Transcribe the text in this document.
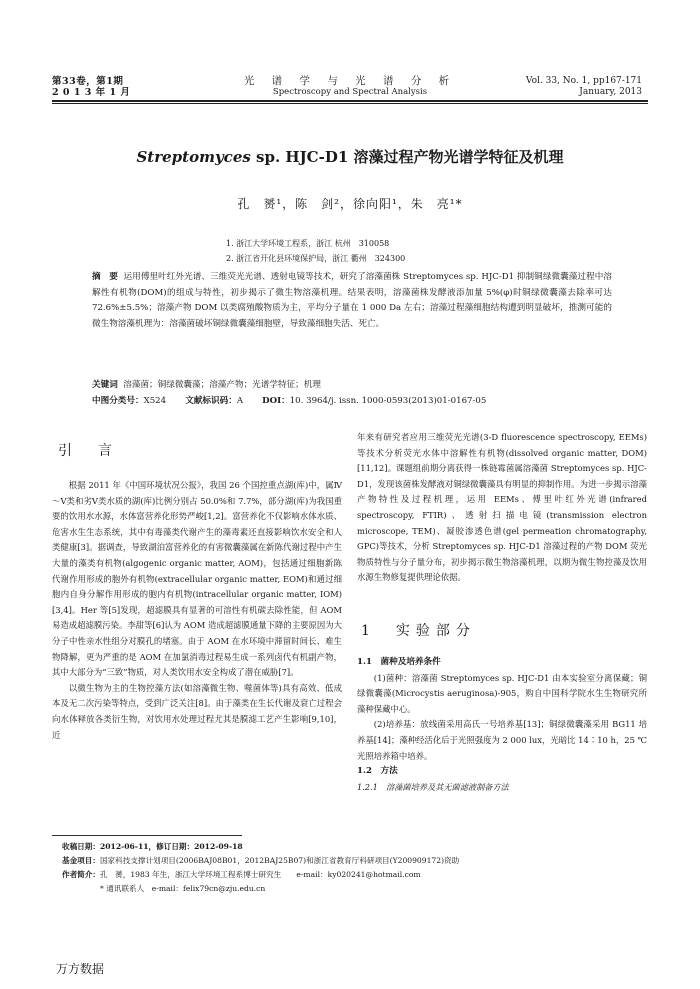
第33卷，第1期
2 0 1 3 年 1 月
光 谱 学 与 光 谱 分 析
Spectroscopy and Spectral Analysis
Vol. 33, No. 1, pp167-171
January, 2013
Streptomyces sp. HJC-D1 溶藻过程产物光谱学特征及机理
孔　赟¹，陈　剑²，徐向阳¹，朱　亮¹*
1. 浙江大学环境工程系，浙江 杭州　310058
2. 浙江省开化县环境保护局，浙江 衢州　324300
摘　要 运用傅里叶红外光谱、三维荧光光谱、透射电镜等技术，研究了溶藻菌株 Streptomyces sp. HJC-D1 抑制铜绿微囊藻过程中溶解性有机物(DOM)的组成与特性，初步揭示了微生物溶藻机理。结果表明，溶藻菌株发酵液添加量 5%(φ)时铜绿微囊藻去除率可达 72.6%±5.5%；溶藻产物 DOM 以类腐殖酸物质为主，平均分子量在 1 000 Da 左右；溶藻过程藻细胞结构遭到明显破坏，推测可能的微生物溶藻机理为：溶藻菌破坏铜绿微囊藻细胞壁，导致藻细胞失活、死亡。
关键词 溶藻菌；铜绿微囊藻；溶藻产物；光谱学特征；机理
中图分类号：X524 文献标识码：A DOI：10. 3964/j. issn. 1000-0593(2013)01-0167-05
引　言

根据 2011 年《中国环境状况公报》，我国 26 个国控重点湖(库)中，属Ⅳ～Ⅴ类和劣Ⅴ类水质的湖(库)比例分别占 50.0%和 7.7%，部分湖(库)为我国重要的饮用水水源，水体富营养化形势严峻[1,2]。富营养化不仅影响水体水质、危害水生生态系统，其中有毒藻类代谢产生的藻毒素还直接影响饮水安全和人类健康[3]。据调查，导致湖泊富营养化的有害微囊藻属在新陈代谢过程中产生大量的藻类有机物(algogenic organic matter, AOM)，包括通过细胞新陈代谢作用形成的胞外有机物(extracellular organic matter, EOM)和通过细胞内自身分解作用形成的胞内有机物(intracellular organic matter, IOM)[3,4]。Her 等[5]发现，超滤膜具有显著的可溶性有机碳去除性能，但 AOM 易造成超滤膜污染。李甜等[6]认为 AOM 造成超滤膜通量下降的主要原因为大分子中性亲水性组分对膜孔的堵塞。由于 AOM 在水环境中滞留时间长、难生物降解，更为严重的是 AOM 在加氯消毒过程易生成一系列卤代有机副产物，其中大部分为“三致”物质，对人类饮用水安全构成了潜在威胁[7]。

以微生物为主的生物控藻方法(如溶藻微生物、噬菌体等)具有高效、低成本及无二次污染等特点，受到广泛关注[8]。由于藻类在生长代谢及衰亡过程会向水体释放各类衍生物，对饮用水处理过程尤其是膜滤工艺产生影响[9,10]，近

年来有研究者应用三维荧光光谱(3-D fluorescence spectroscopy, EEMs)等技术分析荧光水体中溶解性有机物(dissolved organic matter, DOM)[11,12]。课题组前期分离获得一株链霉菌属溶藻菌 Streptomyces sp. HJC-D1，发现该菌株发酵液对铜绿微囊藻具有明显的抑制作用。为进一步揭示溶藻产物特性及过程机理，运用 EEMs、傅里叶红外光谱(infrared spectroscopy, FTIR)、透射扫描电镜(transmission electron microscope, TEM)、凝胶渗透色谱(gel permeation chromatography, GPC)等技术，分析 Streptomyces sp. HJC-D1 溶藻过程的产物 DOM 荧光物质特性与分子量分布，初步揭示微生物溶藻机理，以期为微生物控藻及饮用水源生物修复提供理论依据。
1　实验部分
1.1　菌种及培养条件

(1)菌种：溶藻菌 Streptomyces sp. HJC-D1 由本实验室分离保藏；铜绿微囊藻(Microcystis aeruginosa)-905，购自中国科学院水生生物研究所藻种保藏中心。

(2)培养基：放线菌采用高氏一号培养基[13]；铜绿微囊藻采用 BG11 培养基[14]；藻种经活化后于光照强度为 2 000 lux，光暗比 14∶10 h，25 ℃光照培养箱中培养。

1.2　方法
1.2.1　溶藻菌培养及其无菌滤液制备方法
收稿日期：2012-06-11，修订日期：2012-09-18
基金项目：国家科技支撑计划项目(2006BAJ08B01，2012BAJ25B07)和浙江省教育厅科研项目(Y200909172)资助
作者简介：孔　赟，1983 年生，浙江大学环境工程系博士研究生　　e-mail：ky020241@hotmail.com
* 通讯联系人　e-mail：felix79cn@zju.edu.cn
万方数据
